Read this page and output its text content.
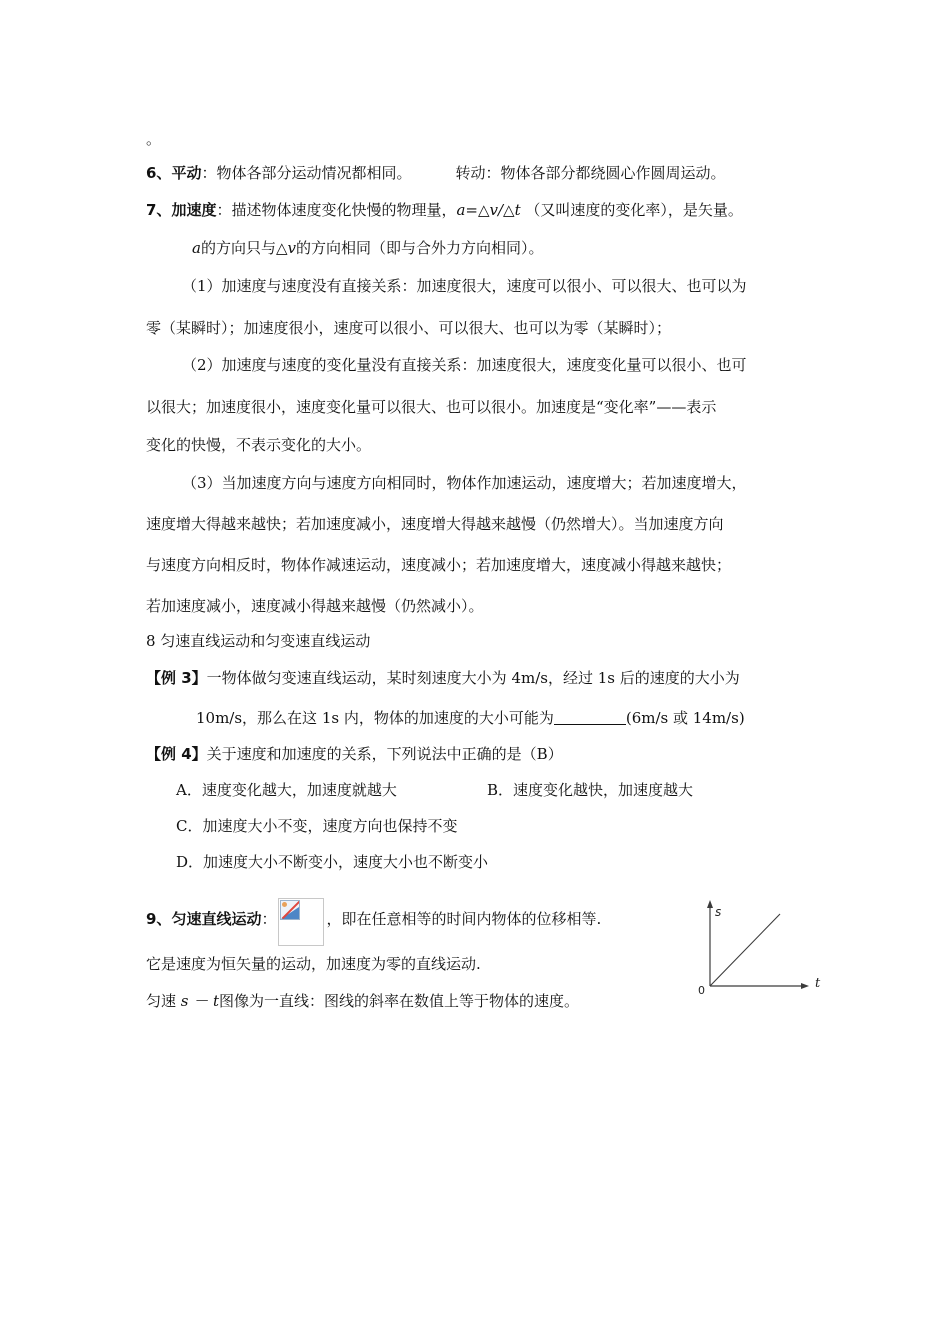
。
6、平动：物体各部分运动情况都相同。	转动：物体各部分都绕圆心作圆周运动。
7、加速度：描述物体速度变化快慢的物理量，a=△v/△t （又叫速度的变化率），是矢量。
a的方向只与△v的方向相同（即与合外力方向相同）。
（1）加速度与速度没有直接关系：加速度很大，速度可以很小、可以很大、也可以为
零（某瞬时）；加速度很小，速度可以很小、可以很大、也可以为零（某瞬时）；
（2）加速度与速度的变化量没有直接关系：加速度很大，速度变化量可以很小、也可
以很大；加速度很小，速度变化量可以很大、也可以很小。加速度是“变化率”——表示
变化的快慢，不表示变化的大小。
（3）当加速度方向与速度方向相同时，物体作加速运动，速度增大；若加速度增大，
速度增大得越来越快；若加速度减小，速度增大得越来越慢（仍然增大）。当加速度方向
与速度方向相反时，物体作减速运动，速度减小；若加速度增大，速度减小得越来越快；
若加速度减小，速度减小得越来越慢（仍然减小）。
8 匀速直线运动和匀变速直线运动
【例 3】一物体做匀变速直线运动，某时刻速度大小为 4m/s，经过 1s 后的速度的大小为
10m/s，那么在这 1s 内，物体的加速度的大小可能为	(6m/s 或 14m/s)
【例 4】关于速度和加速度的关系，下列说法中正确的是（B）
A．速度变化越大，加速度就越大	B．速度变化越快，加速度越大
C．加速度大小不变，速度方向也保持不变
D．加速度大小不断变小，速度大小也不断变小
9、匀速直线运动：	，即在任意相等的时间内物体的位移相等.
它是速度为恒矢量的运动，加速度为零的直线运动.
匀速 s － t图像为一直线：图线的斜率在数值上等于物体的速度。
s
t
0
